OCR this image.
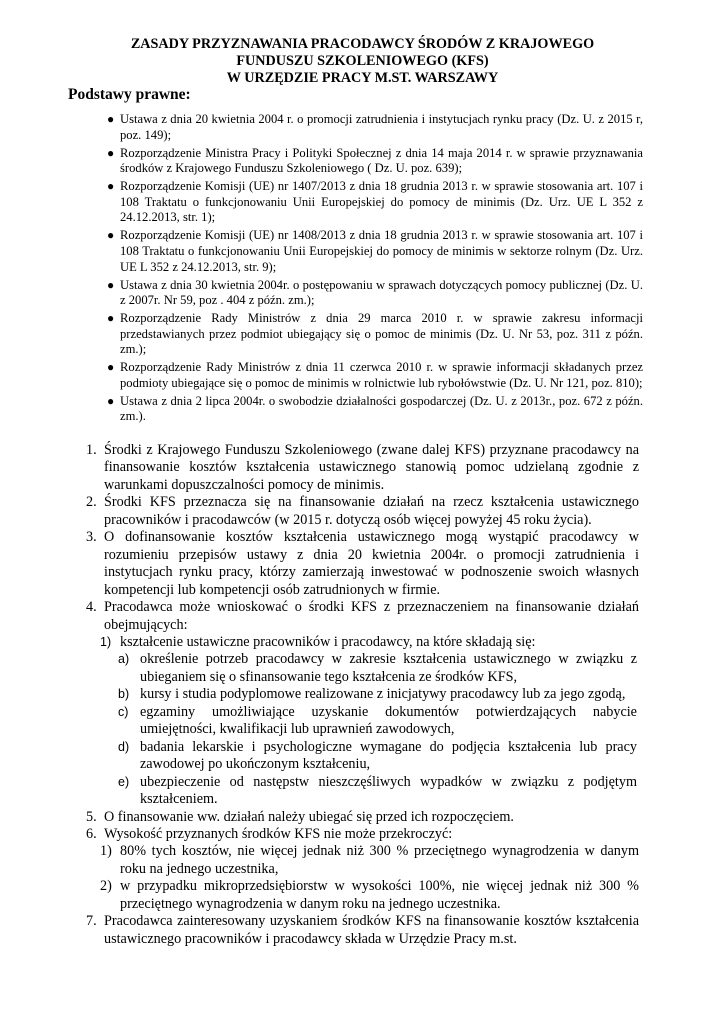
ZASADY PRZYZNAWANIA PRACODAWCY ŚRODÓW Z KRAJOWEGO
FUNDUSZU SZKOLENIOWEGO (KFS)
W URZĘDZIE PRACY M.ST. WARSZAWY
Podstawy prawne:
● Ustawa z dnia 20 kwietnia 2004 r. o promocji zatrudnienia i instytucjach rynku pracy (Dz. U. z 2015 r, poz. 149);
● Rozporządzenie Ministra Pracy i Polityki Społecznej z dnia 14 maja 2014 r. w sprawie przyznawania środków z Krajowego Funduszu Szkoleniowego ( Dz. U. poz. 639);
● Rozporządzenie Komisji (UE) nr 1407/2013 z dnia 18 grudnia 2013 r. w sprawie stosowania art. 107 i 108 Traktatu o funkcjonowaniu Unii Europejskiej do pomocy de minimis (Dz. Urz. UE L 352 z 24.12.2013, str. 1);
● Rozporządzenie Komisji (UE) nr 1408/2013 z dnia 18 grudnia 2013 r. w sprawie stosowania art. 107 i 108 Traktatu o funkcjonowaniu Unii Europejskiej do pomocy de minimis w sektorze rolnym (Dz. Urz. UE L 352 z 24.12.2013, str. 9);
● Ustawa z dnia 30 kwietnia 2004r. o postępowaniu w sprawach dotyczących pomocy publicznej (Dz. U. z 2007r. Nr 59, poz . 404 z późn. zm.);
● Rozporządzenie Rady Ministrów z dnia 29 marca 2010 r. w sprawie zakresu informacji przedstawianych przez podmiot ubiegający się o pomoc de minimis (Dz. U. Nr 53, poz. 311 z późn. zm.);
● Rozporządzenie Rady Ministrów z dnia 11 czerwca 2010 r. w sprawie informacji składanych przez podmioty ubiegające się o pomoc de minimis w rolnictwie lub rybołówstwie (Dz. U. Nr 121, poz. 810);
● Ustawa z dnia 2 lipca 2004r. o swobodzie działalności gospodarczej (Dz. U. z 2013r., poz. 672 z późn. zm.).
1. Środki z Krajowego Funduszu Szkoleniowego (zwane dalej KFS) przyznane pracodawcy na finansowanie kosztów kształcenia ustawicznego stanowią pomoc udzielaną zgodnie z warunkami dopuszczalności pomocy de minimis.
2. Środki KFS przeznacza się na finansowanie działań na rzecz kształcenia ustawicznego pracowników i pracodawców (w 2015 r. dotyczą osób więcej powyżej 45 roku życia).
3. O dofinansowanie kosztów kształcenia ustawicznego mogą wystąpić pracodawcy w rozumieniu przepisów ustawy z dnia 20 kwietnia 2004r. o promocji zatrudnienia i instytucjach rynku pracy, którzy zamierzają inwestować w podnoszenie swoich własnych kompetencji lub kompetencji osób zatrudnionych w firmie.
4. Pracodawca może wnioskować o środki KFS z przeznaczeniem na finansowanie działań obejmujących:
1) kształcenie ustawiczne pracowników i pracodawcy, na które składają się:
a) określenie potrzeb pracodawcy w zakresie kształcenia ustawicznego w związku z ubieganiem się o sfinansowanie tego kształcenia ze środków KFS,
b) kursy i studia podyplomowe realizowane z inicjatywy pracodawcy lub za jego zgodą,
c) egzaminy umożliwiające uzyskanie dokumentów potwierdzających nabycie umiejętności, kwalifikacji lub uprawnień zawodowych,
d) badania lekarskie i psychologiczne wymagane do podjęcia kształcenia lub pracy zawodowej po ukończonym kształceniu,
e) ubezpieczenie od następstw nieszczęśliwych wypadków w związku z podjętym kształceniem.
5. O finansowanie ww. działań należy ubiegać się przed ich rozpoczęciem.
6. Wysokość przyznanych środków KFS nie może przekroczyć:
1) 80% tych kosztów, nie więcej jednak niż 300 % przeciętnego wynagrodzenia w danym roku na jednego uczestnika,
2) w przypadku mikroprzedsiębiorstw w wysokości 100%, nie więcej jednak niż 300 % przeciętnego wynagrodzenia w danym roku na jednego uczestnika.
7. Pracodawca zainteresowany uzyskaniem środków KFS na finansowanie kosztów kształcenia ustawicznego pracowników i pracodawcy składa w Urzędzie Pracy m.st.
